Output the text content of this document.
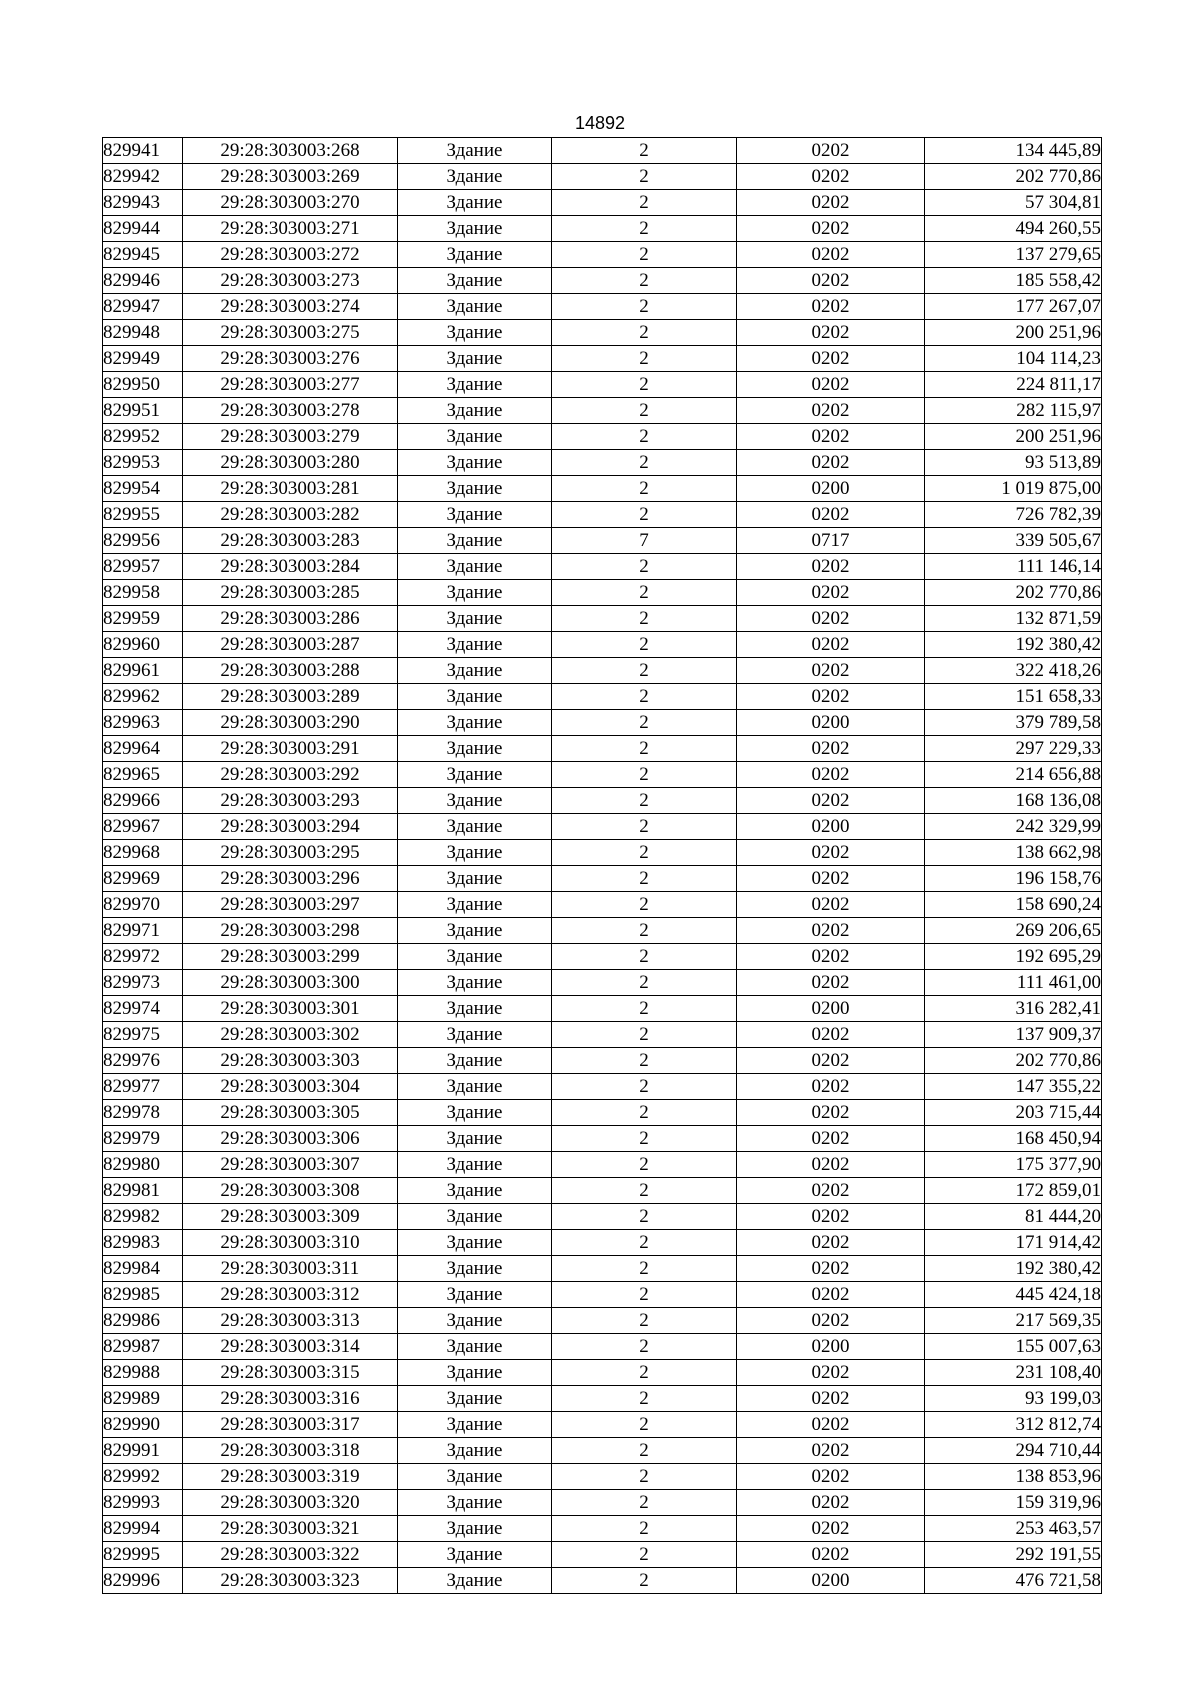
14892
829941	29:28:303003:268	Здание	2	0202	134 445,89
829942	29:28:303003:269	Здание	2	0202	202 770,86
829943	29:28:303003:270	Здание	2	0202	57 304,81
829944	29:28:303003:271	Здание	2	0202	494 260,55
829945	29:28:303003:272	Здание	2	0202	137 279,65
829946	29:28:303003:273	Здание	2	0202	185 558,42
829947	29:28:303003:274	Здание	2	0202	177 267,07
829948	29:28:303003:275	Здание	2	0202	200 251,96
829949	29:28:303003:276	Здание	2	0202	104 114,23
829950	29:28:303003:277	Здание	2	0202	224 811,17
829951	29:28:303003:278	Здание	2	0202	282 115,97
829952	29:28:303003:279	Здание	2	0202	200 251,96
829953	29:28:303003:280	Здание	2	0202	93 513,89
829954	29:28:303003:281	Здание	2	0200	1 019 875,00
829955	29:28:303003:282	Здание	2	0202	726 782,39
829956	29:28:303003:283	Здание	7	0717	339 505,67
829957	29:28:303003:284	Здание	2	0202	111 146,14
829958	29:28:303003:285	Здание	2	0202	202 770,86
829959	29:28:303003:286	Здание	2	0202	132 871,59
829960	29:28:303003:287	Здание	2	0202	192 380,42
829961	29:28:303003:288	Здание	2	0202	322 418,26
829962	29:28:303003:289	Здание	2	0202	151 658,33
829963	29:28:303003:290	Здание	2	0200	379 789,58
829964	29:28:303003:291	Здание	2	0202	297 229,33
829965	29:28:303003:292	Здание	2	0202	214 656,88
829966	29:28:303003:293	Здание	2	0202	168 136,08
829967	29:28:303003:294	Здание	2	0200	242 329,99
829968	29:28:303003:295	Здание	2	0202	138 662,98
829969	29:28:303003:296	Здание	2	0202	196 158,76
829970	29:28:303003:297	Здание	2	0202	158 690,24
829971	29:28:303003:298	Здание	2	0202	269 206,65
829972	29:28:303003:299	Здание	2	0202	192 695,29
829973	29:28:303003:300	Здание	2	0202	111 461,00
829974	29:28:303003:301	Здание	2	0200	316 282,41
829975	29:28:303003:302	Здание	2	0202	137 909,37
829976	29:28:303003:303	Здание	2	0202	202 770,86
829977	29:28:303003:304	Здание	2	0202	147 355,22
829978	29:28:303003:305	Здание	2	0202	203 715,44
829979	29:28:303003:306	Здание	2	0202	168 450,94
829980	29:28:303003:307	Здание	2	0202	175 377,90
829981	29:28:303003:308	Здание	2	0202	172 859,01
829982	29:28:303003:309	Здание	2	0202	81 444,20
829983	29:28:303003:310	Здание	2	0202	171 914,42
829984	29:28:303003:311	Здание	2	0202	192 380,42
829985	29:28:303003:312	Здание	2	0202	445 424,18
829986	29:28:303003:313	Здание	2	0202	217 569,35
829987	29:28:303003:314	Здание	2	0200	155 007,63
829988	29:28:303003:315	Здание	2	0202	231 108,40
829989	29:28:303003:316	Здание	2	0202	93 199,03
829990	29:28:303003:317	Здание	2	0202	312 812,74
829991	29:28:303003:318	Здание	2	0202	294 710,44
829992	29:28:303003:319	Здание	2	0202	138 853,96
829993	29:28:303003:320	Здание	2	0202	159 319,96
829994	29:28:303003:321	Здание	2	0202	253 463,57
829995	29:28:303003:322	Здание	2	0202	292 191,55
829996	29:28:303003:323	Здание	2	0200	476 721,58
